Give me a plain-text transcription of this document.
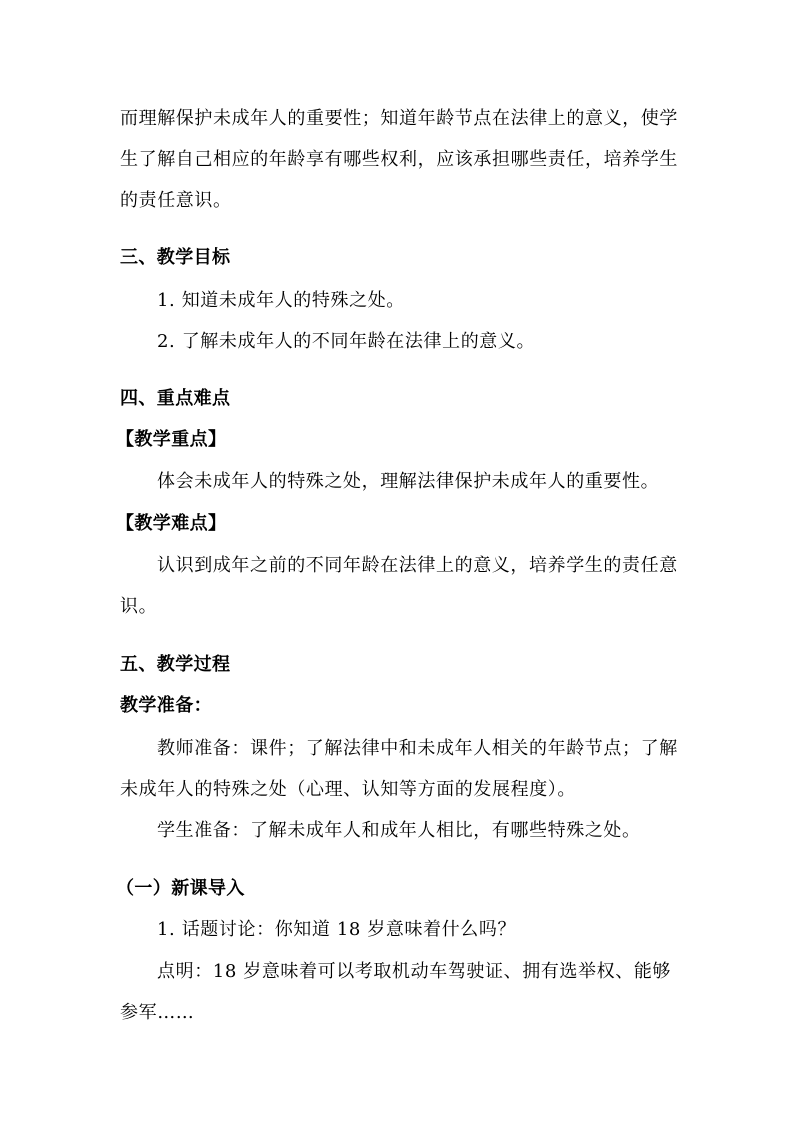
而理解保护未成年人的重要性；知道年龄节点在法律上的意义，使学
生了解自己相应的年龄享有哪些权利，应该承担哪些责任，培养学生
的责任意识。
三、教学目标
1. 知道未成年人的特殊之处。
2. 了解未成年人的不同年龄在法律上的意义。
四、重点难点
【教学重点】
体会未成年人的特殊之处，理解法律保护未成年人的重要性。
【教学难点】
认识到成年之前的不同年龄在法律上的意义，培养学生的责任意
识。
五、教学过程
教学准备：
教师准备：课件；了解法律中和未成年人相关的年龄节点；了解
未成年人的特殊之处（心理、认知等方面的发展程度）。
学生准备：了解未成年人和成年人相比，有哪些特殊之处。
（一）新课导入
1. 话题讨论：你知道 18 岁意味着什么吗？
点明：18 岁意味着可以考取机动车驾驶证、拥有选举权、能够
参军……
